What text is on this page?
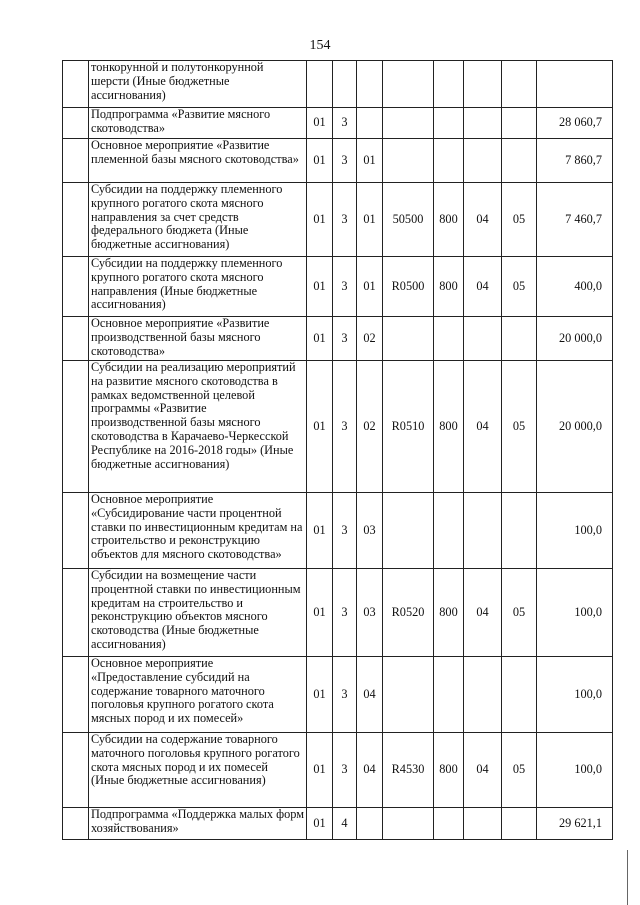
154
	тонкорунной и полутонкорунной шерсти (Иные бюджетные ассигнования)								
	Подпрограмма «Развитие мясного скотоводства»	01	3						28 060,7
	Основное мероприятие «Развитие племенной базы мясного скотоводства»	01	3	01					7 860,7
	Субсидии на поддержку племенного крупного рогатого скота мясного направления за счет средств федерального бюджета (Иные бюджетные ассигнования)	01	3	01	50500	800	04	05	7 460,7
	Субсидии на поддержку племенного крупного рогатого скота мясного направления (Иные бюджетные ассигнования)	01	3	01	R0500	800	04	05	400,0
	Основное мероприятие «Развитие производственной базы мясного скотоводства»	01	3	02					20 000,0
	Субсидии на реализацию мероприятий на развитие мясного скотоводства в рамках ведомственной целевой программы «Развитие производственной базы мясного скотоводства в Карачаево-Черкесской Республике на 2016-2018 годы» (Иные бюджетные ассигнования)	01	3	02	R0510	800	04	05	20 000,0
	Основное мероприятие «Субсидирование части процентной ставки по инвестиционным кредитам на строительство и реконструкцию объектов для мясного скотоводства»	01	3	03					100,0
	Субсидии на возмещение части процентной ставки по инвестиционным кредитам на строительство и реконструкцию объектов мясного скотоводства (Иные бюджетные ассигнования)	01	3	03	R0520	800	04	05	100,0
	Основное мероприятие «Предоставление субсидий на содержание товарного маточного поголовья крупного рогатого скота мясных пород и их помесей»	01	3	04					100,0
	Субсидии на содержание товарного маточного поголовья крупного рогатого скота мясных пород и их помесей (Иные бюджетные ассигнования)	01	3	04	R4530	800	04	05	100,0
	Подпрограмма «Поддержка малых форм хозяйствования»	01	4						29 621,1
